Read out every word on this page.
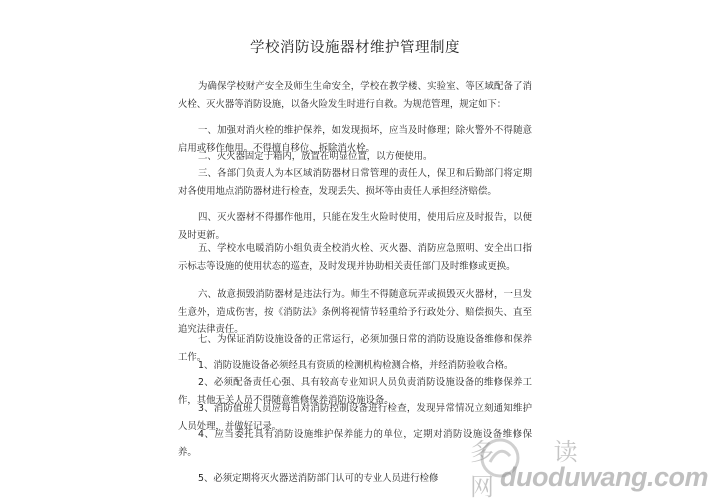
学校消防设施器材维护管理制度

为确保学校财产安全及师生生命安全，学校在教学楼、实验室、等区域配备了消火栓、灭火器等消防设施，以备火险发生时进行自救。为规范管理，规定如下：

一、加强对消火栓的维护保养，如发现损坏，应当及时修理；除火警外不得随意启用或移作他用。不得擅自移位、拆除消火栓。

二、灭火器固定于箱内，放置在明显位置，以方便使用。

三、各部门负责人为本区域消防器材日常管理的责任人，保卫和后勤部门将定期对各使用地点消防器材进行检查，发现丢失、损坏等由责任人承担经济赔偿。

四、灭火器材不得挪作他用，只能在发生火险时使用，使用后应及时报告，以便及时更新。

五、学校水电暖消防小组负责全校消火栓、灭火器、消防应急照明、安全出口指示标志等设施的使用状态的巡查，及时发现并协助相关责任部门及时维修或更换。

六、故意损毁消防器材是违法行为。师生不得随意玩弄或损毁灭火器材，一旦发生意外，造成伤害，按《消防法》条例将视情节轻重给予行政处分、赔偿损失、直至追究法律责任。

七、为保证消防设施设备的正常运行，必须加强日常的消防设施设备维修和保养工作。

1、消防设施设备必须经具有资质的检测机构检测合格，并经消防验收合格。

2、必须配备责任心强、具有较高专业知识人员负责消防设施设备的维修保养工作，其他无关人员不得随意维修保养消防设施设备。

3、消防值班人员应每日对消防控制设备进行检查，发现异常情况立刻通知维护人员处理，并做好记录。

4、应当委托具有消防设施维护保养能力的单位，定期对消防设施设备维修保养。

5、必须定期将灭火器送消防部门认可的专业人员进行检修

多 读 网
duoduwang.com
